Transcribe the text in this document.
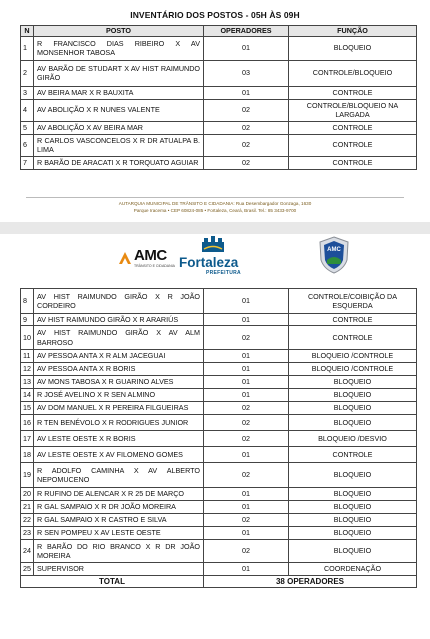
INVENTÁRIO DOS POSTOS - 05H ÀS 09H
N	POSTO	OPERADORES	FUNÇÃO
1	R FRANCISCO DIAS RIBEIRO X AV MONSENHOR TABOSA	01	BLOQUEIO
2	AV BARÃO DE STUDART X AV HIST RAIMUNDO GIRÃO	03	CONTROLE/BLOQUEIO
3	AV BEIRA MAR X R BAUXITA	01	CONTROLE
4	AV ABOLIÇÃO X R NUNES VALENTE	02	CONTROLE/BLOQUEIO NA LARGADA
5	AV ABOLIÇÃO X AV BEIRA MAR	02	CONTROLE
6	R CARLOS VASCONCELOS X R DR ATUALPA B. LIMA	02	CONTROLE
7	R BARÃO DE ARACATI X R TORQUATO AGUIAR	02	CONTROLE
AUTARQUIA MUNICIPAL DE TRÂNSITO E CIDADANIA: Rua Desembargador Gonzaga, 1630
Parque Iracema • CEP 60824-085 • Fortaleza, Ceará, Brasil. Tel.: 85 3433-9700
AMC
TRÂNSITO E CIDADANIA Fortaleza
PREFEITURA
AMC
8	AV HIST RAIMUNDO GIRÃO X R JOÃO CORDEIRO	01	CONTROLE/COIBIÇÃO DA ESQUERDA
9	AV HIST RAIMUNDO GIRÃO X R ARARIÚS	01	CONTROLE
10	AV HIST RAIMUNDO GIRÃO X AV ALM BARROSO	02	CONTROLE
11	AV PESSOA ANTA X R ALM JACEGUAI	01	BLOQUEIO /CONTROLE
12	AV PESSOA ANTA X R BORIS	01	BLOQUEIO /CONTROLE
13	AV MONS TABOSA X R GUARINO ALVES	01	BLOQUEIO
14	R JOSÉ AVELINO X R SEN ALMINO	01	BLOQUEIO
15	AV DOM MANUEL X R PEREIRA FILGUEIRAS	02	BLOQUEIO
16	R TEN BENÉVOLO X R RODRIGUES JUNIOR	02	BLOQUEIO
17	AV LESTE OESTE X R BORIS	02	BLOQUEIO /DESVIO
18	AV LESTE OESTE X AV FILOMENO GOMES	01	CONTROLE
19	R ADOLFO CAMINHA X AV ALBERTO NEPOMUCENO	02	BLOQUEIO
20	R RUFINO DE ALENCAR X R 25 DE MARÇO	01	BLOQUEIO
21	R GAL SAMPAIO X R DR JOÃO MOREIRA	01	BLOQUEIO
22	R GAL SAMPAIO X R CASTRO E SILVA	02	BLOQUEIO
23	R SEN POMPEU X AV LESTE OESTE	01	BLOQUEIO
24	R BARÃO DO RIO BRANCO X R DR JOÃO MOREIRA	02	BLOQUEIO
25	SUPERVISOR	01	COORDENAÇÃO
TOTAL		38 OPERADORES	
